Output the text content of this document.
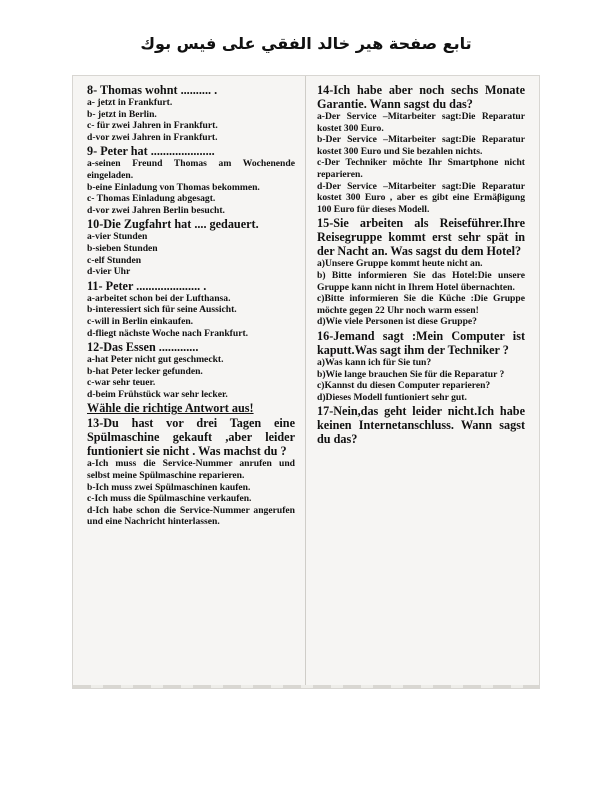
تابع صفحة هير خالد الفقي على فيس بوك

8- Thomas wohnt .......... .

a- jetzt in Frankfurt.

b- jetzt in Berlin.

c- für zwei Jahren in Frankfurt.

d-vor zwei Jahren in Frankfurt.

9- Peter hat .....................

a-seinen Freund Thomas am Wochenende eingeladen.

b-eine Einladung von Thomas bekommen.

c- Thomas Einladung abgesagt.

d-vor zwei Jahren Berlin besucht.

10-Die Zugfahrt hat .... gedauert.

a-vier Stunden

b-sieben Stunden

c-elf Stunden

d-vier Uhr

11- Peter ..................... .

a-arbeitet schon bei der Lufthansa.

b-interessiert sich für seine Aussicht.

c-will in Berlin einkaufen.

d-fliegt nächste Woche nach Frankfurt.

12-Das Essen .............

a-hat Peter nicht gut geschmeckt.

b-hat Peter lecker gefunden.

c-war sehr teuer.

d-beim Frühstück war sehr lecker.

Wähle die richtige Antwort aus!

13-Du hast vor drei Tagen eine Spülmaschine gekauft ,aber leider funtioniert sie nicht . Was machst du ?

a-Ich muss die Service-Nummer anrufen und selbst meine Spülmaschine reparieren.

b-Ich muss zwei Spülmaschinen kaufen.

c-Ich muss die Spülmaschine verkaufen.

d-Ich habe schon die Service-Nummer angerufen und eine Nachricht hinterlassen.

14-Ich habe aber noch sechs Monate Garantie. Wann sagst du das?

a-Der Service –Mitarbeiter sagt:Die Reparatur kostet 300 Euro.

b-Der Service –Mitarbeiter sagt:Die Reparatur kostet 300 Euro und Sie bezahlen nichts.

c-Der Techniker möchte Ihr Smartphone nicht reparieren.

d-Der Service –Mitarbeiter sagt:Die Reparatur kostet 300 Euro , aber es gibt eine Ermäβigung 100 Euro für dieses Modell.

15-Sie arbeiten als Reiseführer.Ihre Reisegruppe kommt erst sehr spät in der Nacht an. Was sagst du dem Hotel?

a)Unsere Gruppe kommt heute nicht an.

b) Bitte informieren Sie das Hotel:Die unsere Gruppe kann nicht in Ihrem Hotel übernachten.

c)Bitte informieren Sie die Küche :Die Gruppe möchte gegen 22 Uhr noch warm essen!

d)Wie viele Personen ist diese Gruppe?

16-Jemand sagt :Mein Computer ist kaputt.Was sagt ihm der Techniker ?

a)Was kann ich für Sie tun?

b)Wie lange brauchen Sie für die Reparatur ?

c)Kannst du diesen Computer reparieren?

d)Dieses Modell funtioniert sehr gut.

17-Nein,das geht leider nicht.Ich habe keinen Internetanschluss. Wann sagst du das?
